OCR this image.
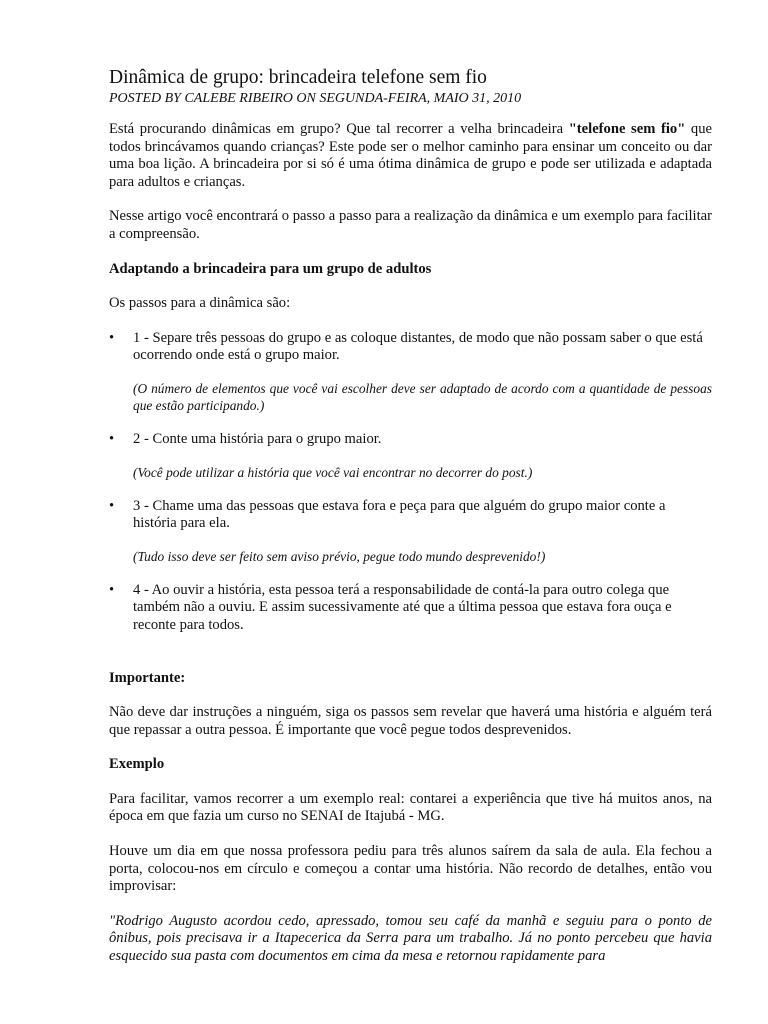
Dinâmica de grupo: brincadeira telefone sem fio
POSTED BY CALEBE RIBEIRO ON SEGUNDA-FEIRA, MAIO 31, 2010

Está procurando dinâmicas em grupo? Que tal recorrer a velha brincadeira "telefone sem fio" que todos brincávamos quando crianças? Este pode ser o melhor caminho para ensinar um conceito ou dar uma boa lição. A brincadeira por si só é uma ótima dinâmica de grupo e pode ser utilizada e adaptada para adultos e crianças.

Nesse artigo você encontrará o passo a passo para a realização da dinâmica e um exemplo para facilitar a compreensão.

Adaptando a brincadeira para um grupo de adultos

Os passos para a dinâmica são:

• 1 - Separe três pessoas do grupo e as coloque distantes, de modo que não possam saber o que está ocorrendo onde está o grupo maior.
(O número de elementos que você vai escolher deve ser adaptado de acordo com a quantidade de pessoas que estão participando.)
• 2 - Conte uma história para o grupo maior.
(Você pode utilizar a história que você vai encontrar no decorrer do post.)
• 3 - Chame uma das pessoas que estava fora e peça para que alguém do grupo maior conte a história para ela.
(Tudo isso deve ser feito sem aviso prévio, pegue todo mundo desprevenido!)
• 4 - Ao ouvir a história, esta pessoa terá a responsabilidade de contá-la para outro colega que também não a ouviu. E assim sucessivamente até que a última pessoa que estava fora ouça e reconte para todos.
Importante:

Não deve dar instruções a ninguém, siga os passos sem revelar que haverá uma história e alguém terá que repassar a outra pessoa. É importante que você pegue todos desprevenidos.

Exemplo

Para facilitar, vamos recorrer a um exemplo real: contarei a experiência que tive há muitos anos, na época em que fazia um curso no SENAI de Itajubá - MG.

Houve um dia em que nossa professora pediu para três alunos saírem da sala de aula. Ela fechou a porta, colocou-nos em círculo e começou a contar uma história. Não recordo de detalhes, então vou improvisar:

"Rodrigo Augusto acordou cedo, apressado, tomou seu café da manhã e seguiu para o ponto de ônibus, pois precisava ir a Itapecerica da Serra para um trabalho. Já no ponto percebeu que havia esquecido sua pasta com documentos em cima da mesa e retornou rapidamente para
